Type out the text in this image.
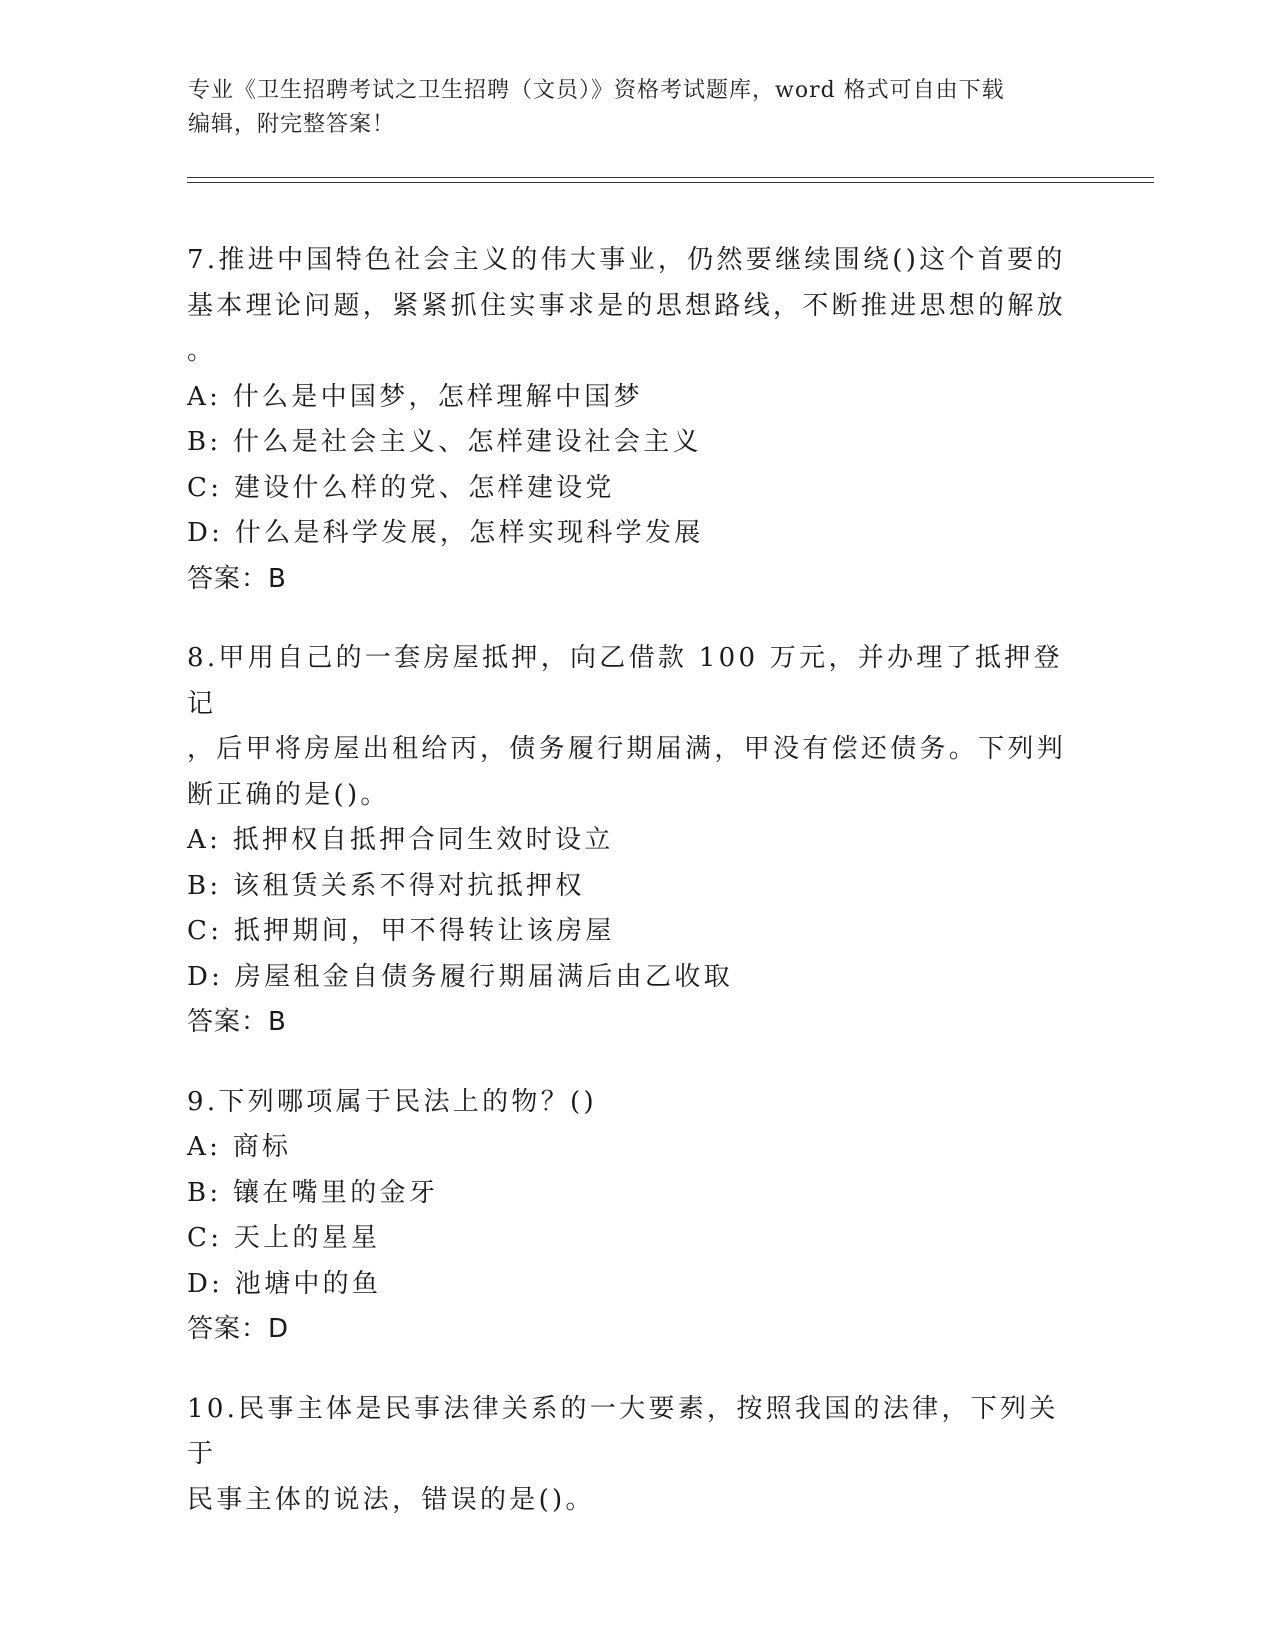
专业《卫生招聘考试之卫生招聘（文员）》资格考试题库，word 格式可自由下载
编辑，附完整答案！

7.推进中国特色社会主义的伟大事业，仍然要继续围绕()这个首要的

基本理论问题，紧紧抓住实事求是的思想路线，不断推进思想的解放

。

A: 什么是中国梦，怎样理解中国梦

B: 什么是社会主义、怎样建设社会主义

C: 建设什么样的党、怎样建设党

D: 什么是科学发展，怎样实现科学发展

答案：B

8.甲用自己的一套房屋抵押，向乙借款 100 万元，并办理了抵押登记

，后甲将房屋出租给丙，债务履行期届满，甲没有偿还债务。下列判

断正确的是()。

A: 抵押权自抵押合同生效时设立

B: 该租赁关系不得对抗抵押权

C: 抵押期间，甲不得转让该房屋

D: 房屋租金自债务履行期届满后由乙收取

答案：B

9.下列哪项属于民法上的物？()

A: 商标

B: 镶在嘴里的金牙

C: 天上的星星

D: 池塘中的鱼

答案：D

10.民事主体是民事法律关系的一大要素，按照我国的法律，下列关于

民事主体的说法，错误的是()。
